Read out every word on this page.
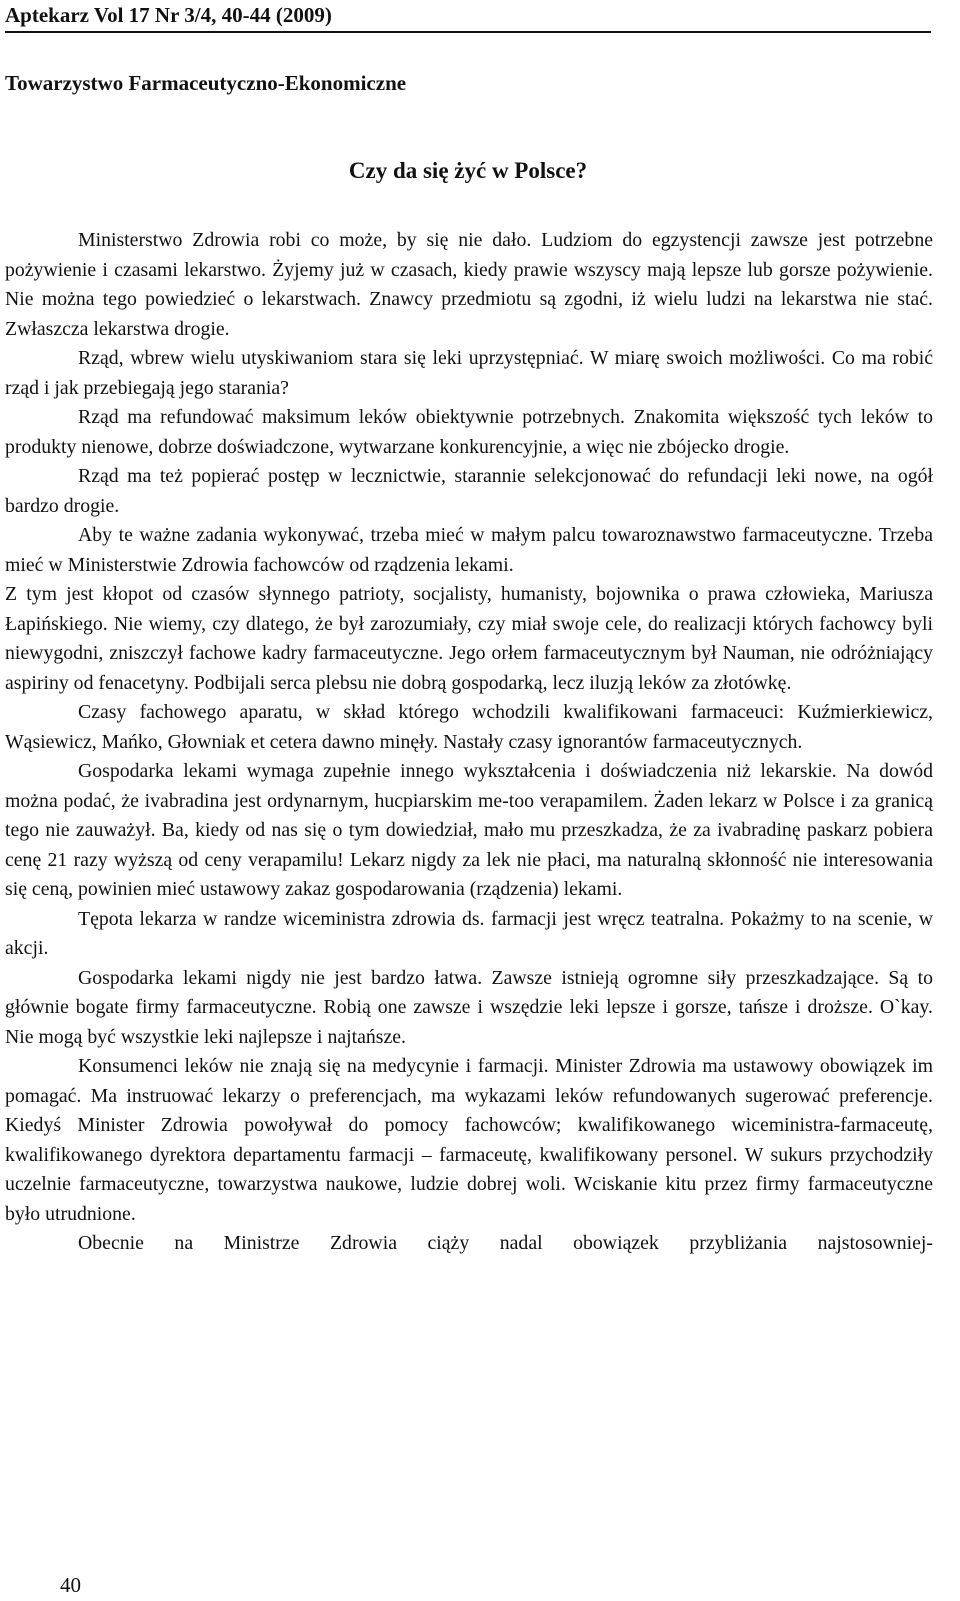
Aptekarz Vol 17 Nr 3/4, 40-44 (2009)
Towarzystwo Farmaceutyczno-Ekonomiczne
Czy da się żyć w Polsce?

Ministerstwo Zdrowia robi co może, by się nie dało. Ludziom do egzystencji zawsze jest potrzebne pożywienie i czasami lekarstwo. Żyjemy już w czasach, kiedy prawie wszyscy mają lepsze lub gorsze pożywienie. Nie można tego powiedzieć o lekarstwach. Znawcy przedmiotu są zgodni, iż wielu ludzi na lekarstwa nie stać. Zwłaszcza lekarstwa drogie.

Rząd, wbrew wielu utyskiwaniom stara się leki uprzystępniać. W miarę swoich możliwości. Co ma robić rząd i jak przebiegają jego starania?

Rząd ma refundować maksimum leków obiektywnie potrzebnych. Znakomita większość tych leków to produkty nienowe, dobrze doświadczone, wytwarzane konkurencyjnie, a więc nie zbójecko drogie.

Rząd ma też popierać postęp w lecznictwie, starannie selekcjonować do refundacji leki nowe, na ogół bardzo drogie.

Aby te ważne zadania wykonywać, trzeba mieć w małym palcu towaroznawstwo farmaceutyczne. Trzeba mieć w Ministerstwie Zdrowia fachowców od rządzenia lekami.

Z tym jest kłopot od czasów słynnego patrioty, socjalisty, humanisty, bojownika o prawa człowieka, Mariusza Łapińskiego. Nie wiemy, czy dlatego, że był zarozumiały, czy miał swoje cele, do realizacji których fachowcy byli niewygodni, zniszczył fachowe kadry farmaceutyczne. Jego orłem farmaceutycznym był Nauman, nie odróżniający aspiriny od fenacetyny. Podbijali serca plebsu nie dobrą gospodarką, lecz iluzją leków za złotówkę.

Czasy fachowego aparatu, w skład którego wchodzili kwalifikowani farmaceuci: Kuźmierkiewicz, Wąsiewicz, Mańko, Głowniak et cetera dawno minęły. Nastały czasy ignorantów farmaceutycznych.

Gospodarka lekami wymaga zupełnie innego wykształcenia i doświadczenia niż lekarskie. Na dowód można podać, że ivabradina jest ordynarnym, hucpiarskim me-too verapamilem. Żaden lekarz w Polsce i za granicą tego nie zauważył. Ba, kiedy od nas się o tym dowiedział, mało mu przeszkadza, że za ivabradinę paskarz pobiera cenę 21 razy wyższą od ceny verapamilu! Lekarz nigdy za lek nie płaci, ma naturalną skłonność nie interesowania się ceną, powinien mieć ustawowy zakaz gospodarowania (rządzenia) lekami.

Tępota lekarza w randze wiceministra zdrowia ds. farmacji jest wręcz teatralna. Pokażmy to na scenie, w akcji.

Gospodarka lekami nigdy nie jest bardzo łatwa. Zawsze istnieją ogromne siły przeszkadzające. Są to głównie bogate firmy farmaceutyczne. Robią one zawsze i wszędzie leki lepsze i gorsze, tańsze i droższe. O`kay. Nie mogą być wszystkie leki najlepsze i najtańsze.

Konsumenci leków nie znają się na medycynie i farmacji. Minister Zdrowia ma ustawowy obowiązek im pomagać. Ma instruować lekarzy o preferencjach, ma wykazami leków refundowanych sugerować preferencje. Kiedyś Minister Zdrowia powoływał do pomocy fachowców; kwalifikowanego wiceministra-farmaceutę, kwalifikowanego dyrektora departamentu farmacji – farmaceutę, kwalifikowany personel. W sukurs przychodziły uczelnie farmaceutyczne, towarzystwa naukowe, ludzie dobrej woli. Wciskanie kitu przez firmy farmaceutyczne było utrudnione.

Obecnie na Ministrze Zdrowia ciąży nadal obowiązek przybliżania najstosowniej-

40
